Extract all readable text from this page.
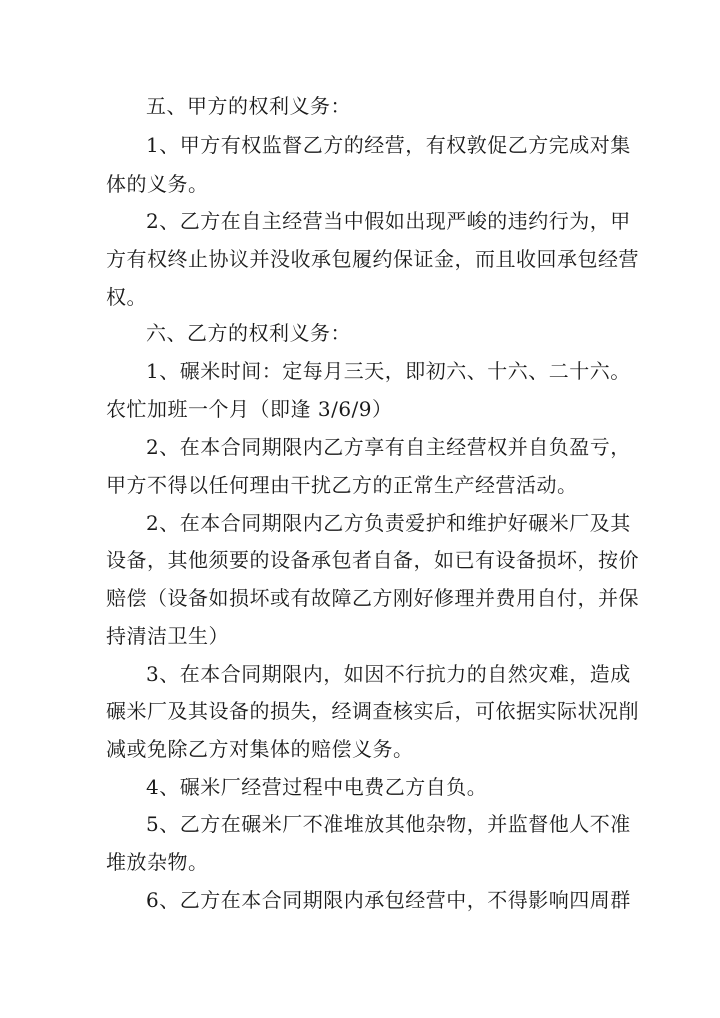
五、甲方的权利义务：
1、甲方有权监督乙方的经营，有权敦促乙方完成对集
体的义务。
2、乙方在自主经营当中假如出现严峻的违约行为，甲
方有权终止协议并没收承包履约保证金，而且收回承包经营
权。
六、乙方的权利义务：
1、碾米时间：定每月三天，即初六、十六、二十六。
农忙加班一个月（即逢 3/6/9）
2、在本合同期限内乙方享有自主经营权并自负盈亏，
甲方不得以任何理由干扰乙方的正常生产经营活动。
2、在本合同期限内乙方负责爱护和维护好碾米厂及其
设备，其他须要的设备承包者自备，如已有设备损坏，按价
赔偿（设备如损坏或有故障乙方刚好修理并费用自付，并保
持清洁卫生）
3、在本合同期限内，如因不行抗力的自然灾难，造成
碾米厂及其设备的损失，经调查核实后，可依据实际状况削
减或免除乙方对集体的赔偿义务。
4、碾米厂经营过程中电费乙方自负。
5、乙方在碾米厂不准堆放其他杂物，并监督他人不准
堆放杂物。
6、乙方在本合同期限内承包经营中，不得影响四周群
